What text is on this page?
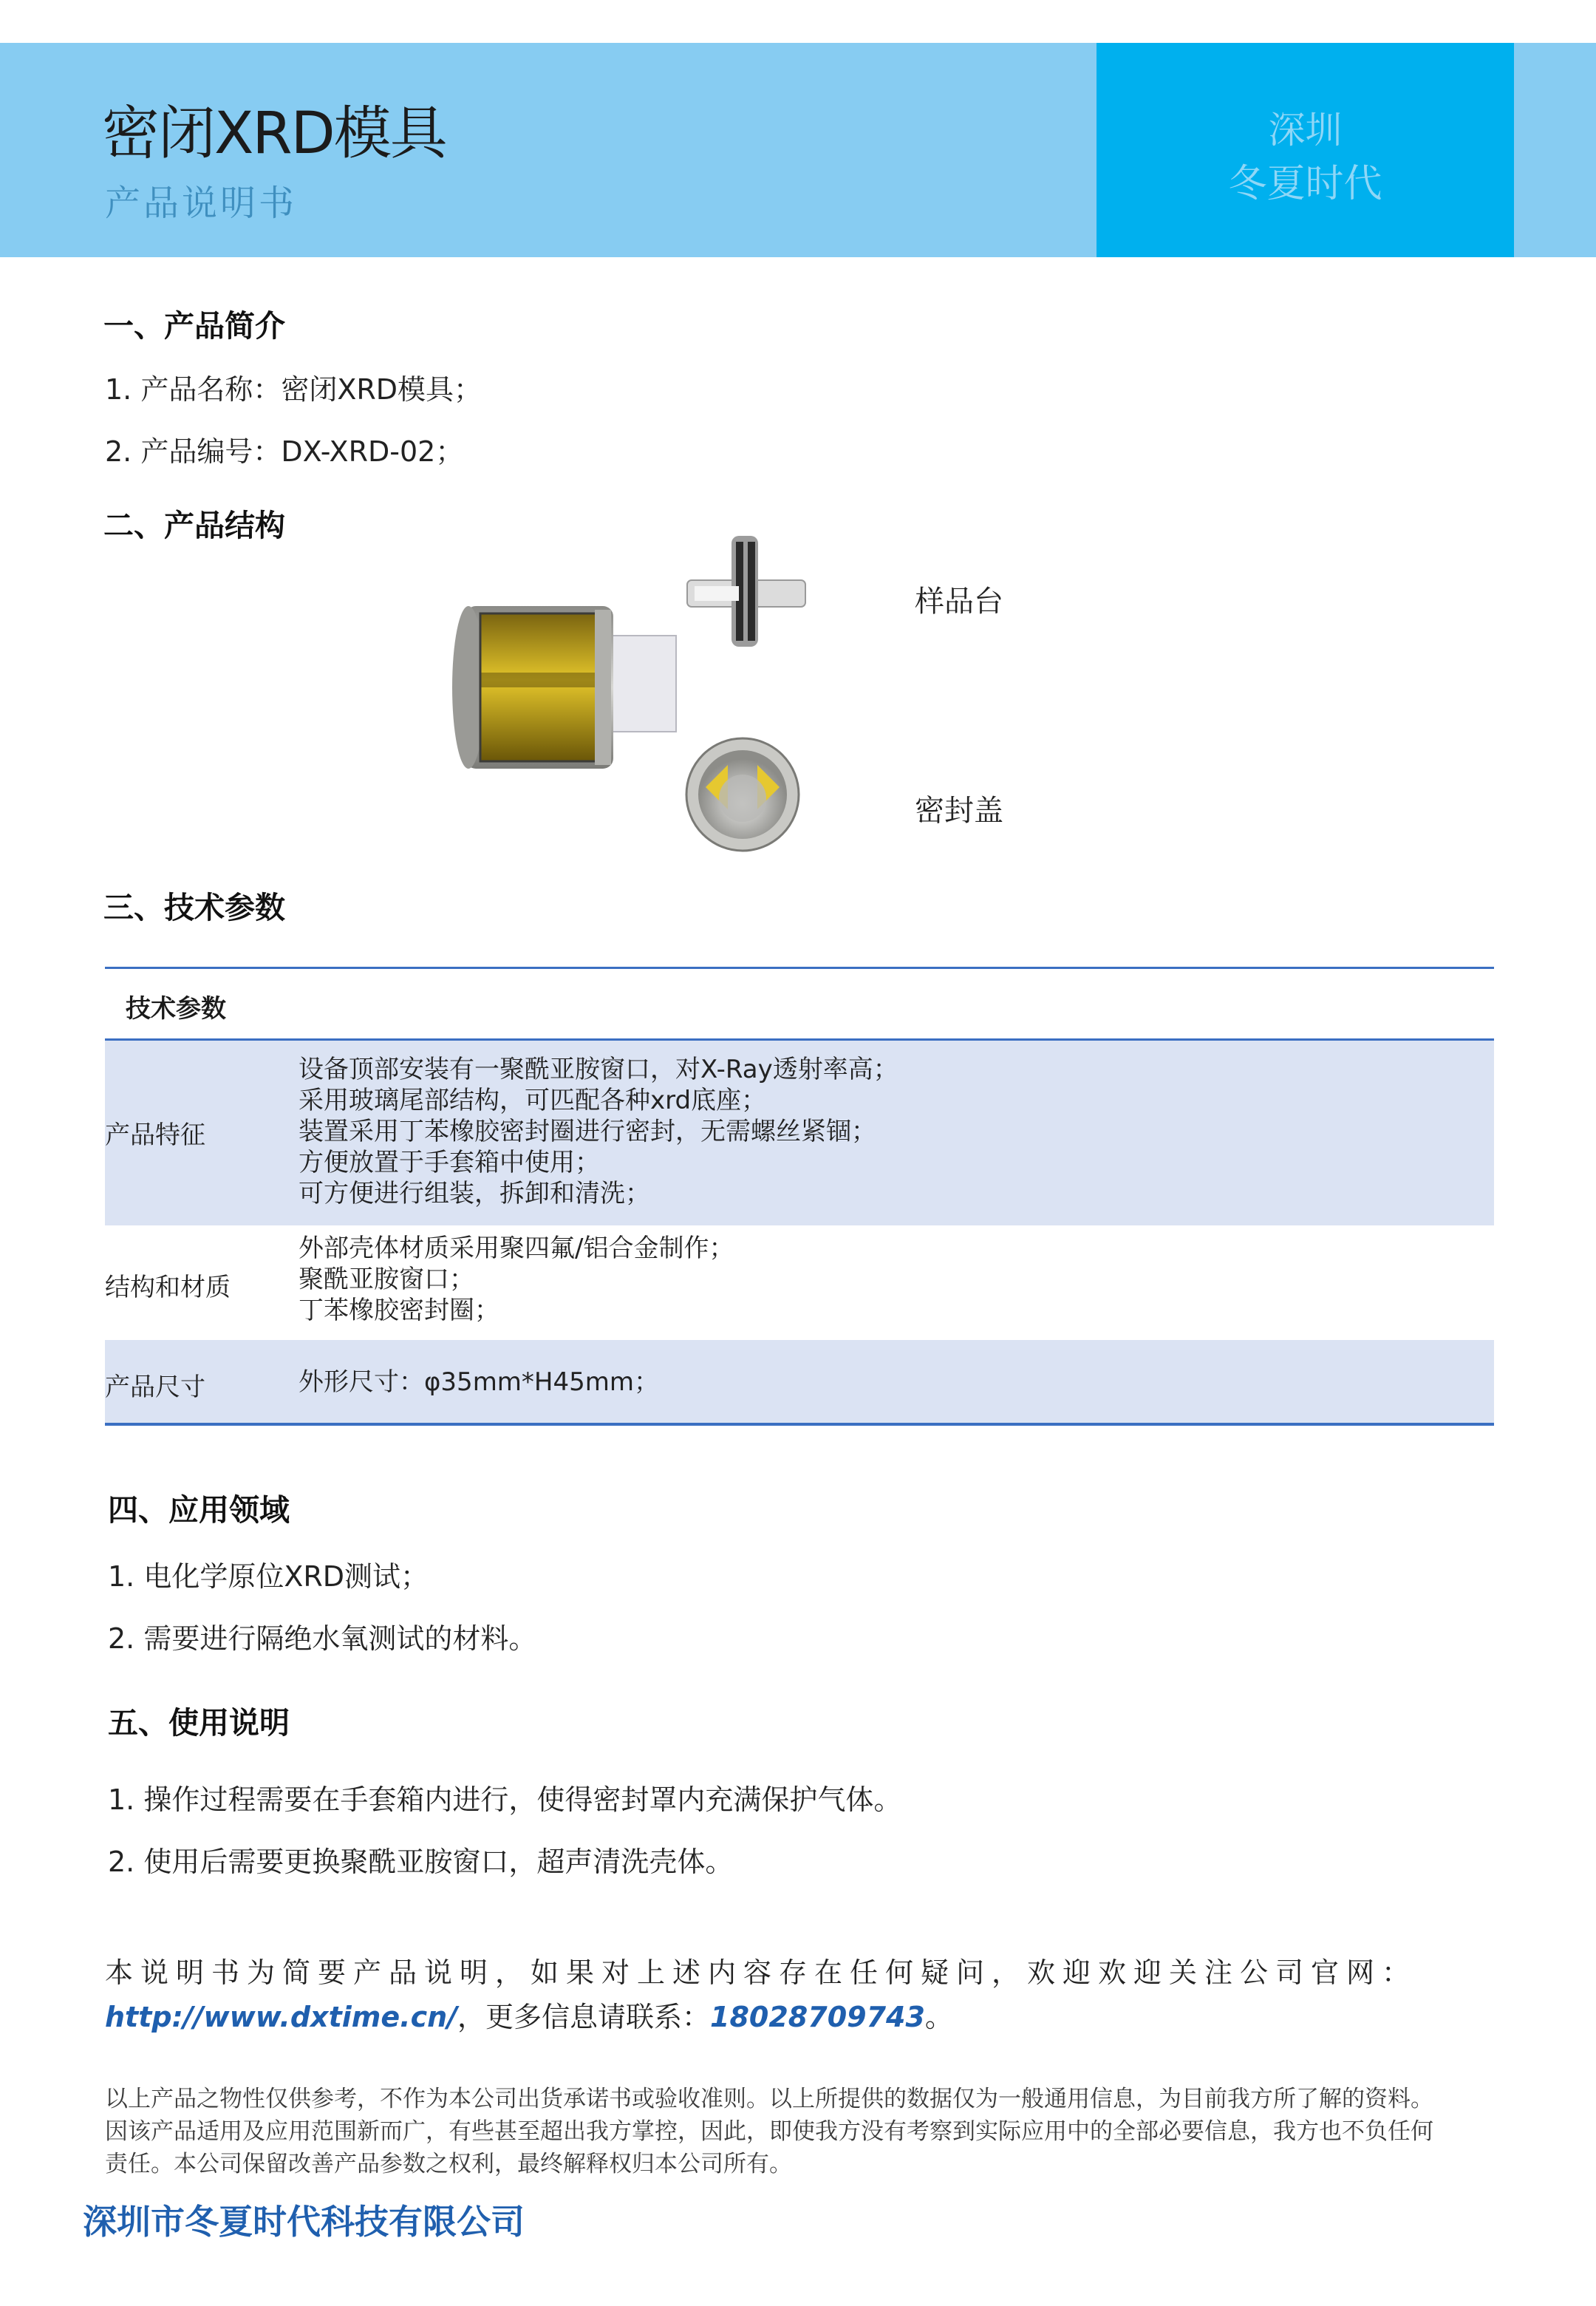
密闭XRD模具
产品说明书
深圳
冬夏时代
一、产品简介
1. 产品名称：密闭XRD模具；
2. 产品编号：DX-XRD-02；
二、产品结构
样品台
密封盖
三、技术参数
技术参数
产品特征
设备顶部安装有一聚酰亚胺窗口，对X-Ray透射率高；
采用玻璃尾部结构，可匹配各种xrd底座；
装置采用丁苯橡胶密封圈进行密封，无需螺丝紧锢；
方便放置于手套箱中使用；
可方便进行组装，拆卸和清洗；
结构和材质
外部壳体材质采用聚四氟/铝合金制作；
聚酰亚胺窗口；
丁苯橡胶密封圈；
产品尺寸	外形尺寸：φ35mm*H45mm；
四、应用领域
1. 电化学原位XRD测试；
2. 需要进行隔绝水氧测试的材料。
五、使用说明
1. 操作过程需要在手套箱内进行，使得密封罩内充满保护气体。
2. 使用后需要更换聚酰亚胺窗口，超声清洗壳体。
本说明书为简要产品说明，如果对上述内容存在任何疑问，欢迎欢迎关注公司官网：
http://www.dxtime.cn/，更多信息请联系：18028709743。
以上产品之物性仅供参考，不作为本公司出货承诺书或验收准则。以上所提供的数据仅为一般通用信息，为目前我方所了解的资料。
因该产品适用及应用范围新而广，有些甚至超出我方掌控，因此，即使我方没有考察到实际应用中的全部必要信息，我方也不负任何
责任。本公司保留改善产品参数之权利，最终解释权归本公司所有。
深圳市冬夏时代科技有限公司
